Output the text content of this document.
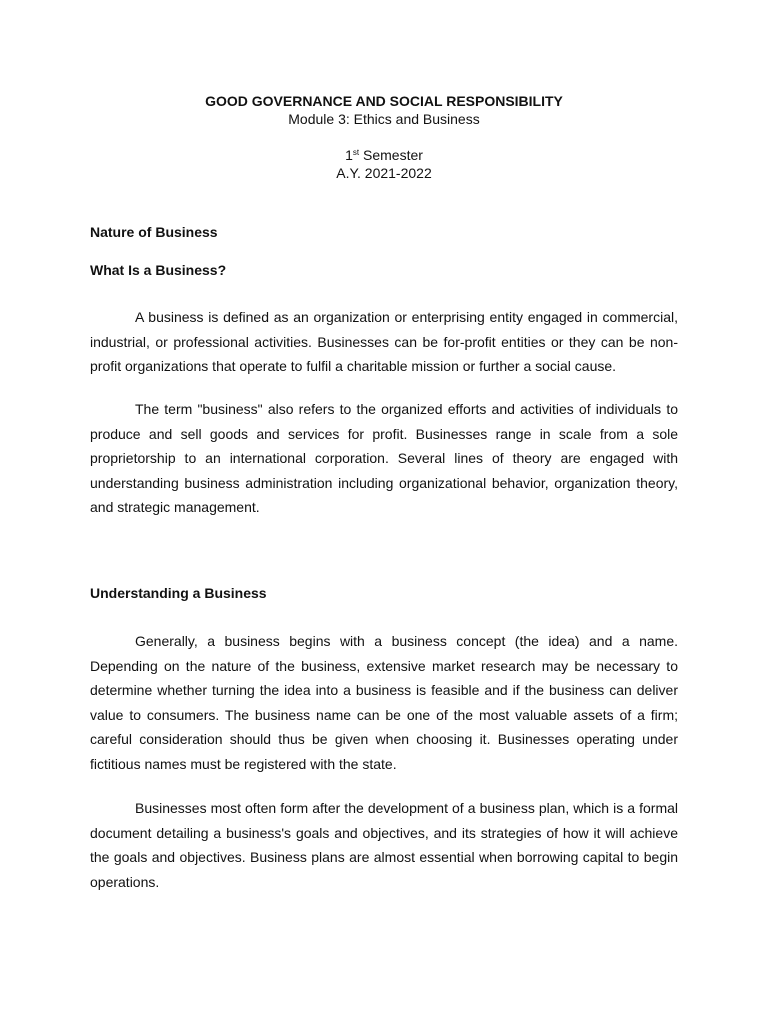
GOOD GOVERNANCE AND SOCIAL RESPONSIBILITY
Module 3: Ethics and Business
1st Semester
A.Y. 2021-2022
Nature of Business
What Is a Business?

A business is defined as an organization or enterprising entity engaged in commercial, industrial, or professional activities. Businesses can be for-profit entities or they can be non-profit organizations that operate to fulfil a charitable mission or further a social cause.

The term "business" also refers to the organized efforts and activities of individuals to produce and sell goods and services for profit. Businesses range in scale from a sole proprietorship to an international corporation. Several lines of theory are engaged with understanding business administration including organizational behavior, organization theory, and strategic management.

Understanding a Business

Generally, a business begins with a business concept (the idea) and a name. Depending on the nature of the business, extensive market research may be necessary to determine whether turning the idea into a business is feasible and if the business can deliver value to consumers. The business name can be one of the most valuable assets of a firm; careful consideration should thus be given when choosing it. Businesses operating under fictitious names must be registered with the state.

Businesses most often form after the development of a business plan, which is a formal document detailing a business's goals and objectives, and its strategies of how it will achieve the goals and objectives. Business plans are almost essential when borrowing capital to begin operations.
